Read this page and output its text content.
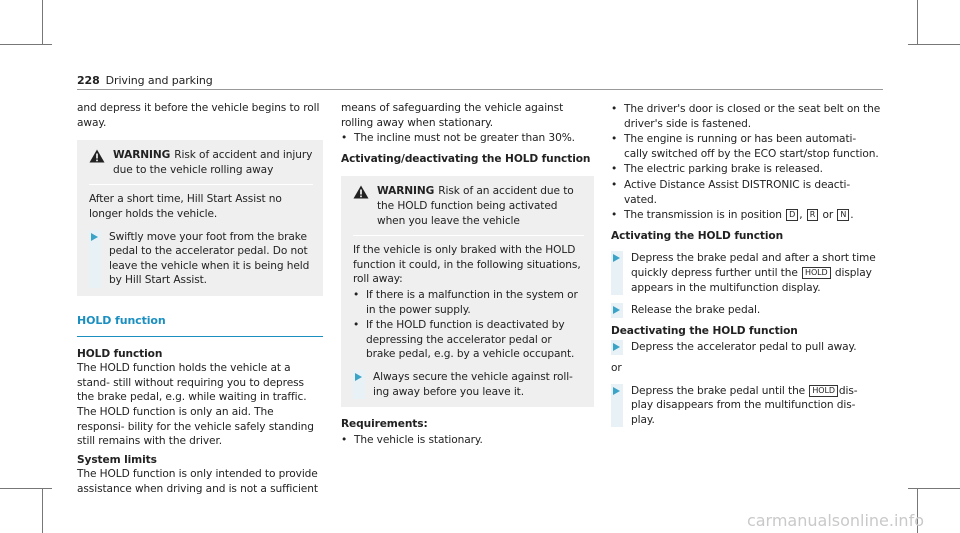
228 Driving and parking

and depress it before the vehicle begins to roll away.

WARNING Risk of accident and injury due to the vehicle rolling away

After a short time, Hill Start Assist no longer holds the vehicle.

Swiftly move your foot from the brake pedal to the accelerator pedal. Do not leave the vehicle when it is being held by Hill Start Assist.
HOLD function

HOLD function

The HOLD function holds the vehicle at a stand- still without requiring you to depress the brake pedal, e.g. while waiting in traffic.

The HOLD function is only an aid. The responsi- bility for the vehicle safely standing still remains with the driver.

System limits

The HOLD function is only intended to provide assistance when driving and is not a sufficient

means of safeguarding the vehicle against rolling away when stationary.

• The incline must not be greater than 30%.

Activating/deactivating the HOLD function

WARNING Risk of an accident due to the HOLD function being activated when you leave the vehicle

If the vehicle is only braked with the HOLD function it could, in the following situations, roll away:

• If there is a malfunction in the system or in the power supply.
• If the HOLD function is deactivated by depressing the accelerator pedal or brake pedal, e.g. by a vehicle occupant.
Always secure the vehicle against roll- ing away before you leave it.

Requirements:

• The vehicle is stationary.
• The driver's door is closed or the seat belt on the driver's side is fastened.
• The engine is running or has been automati- cally switched off by the ECO start/stop function.
• The electric parking brake is released.
• Active Distance Assist DISTRONIC is deacti- vated.
• The transmission is in position D , R or N .

Activating the HOLD function

Depress the brake pedal and after a short time quickly depress further until the HOLD display appears in the multifunction display.
Release the brake pedal.

Deactivating the HOLD function

Depress the accelerator pedal to pull away.

or

Depress the brake pedal until the HOLD dis- play disappears from the multifunction dis- play.
carmanualsonline.info
